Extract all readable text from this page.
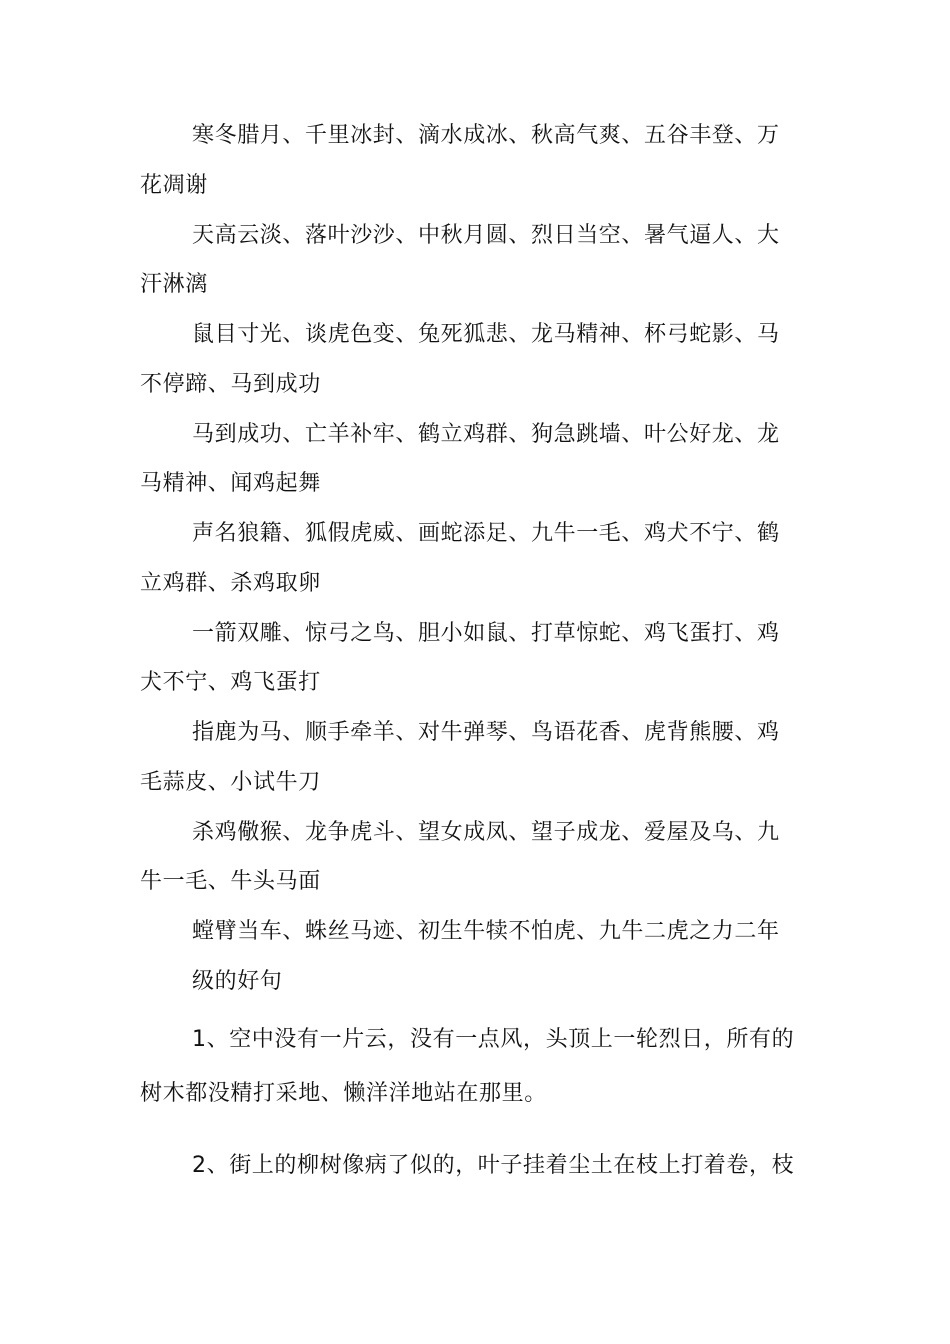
寒冬腊月、千里冰封、滴水成冰、秋高气爽、五谷丰登、万
花凋谢
天高云淡、落叶沙沙、中秋月圆、烈日当空、暑气逼人、大
汗淋漓
鼠目寸光、谈虎色变、兔死狐悲、龙马精神、杯弓蛇影、马
不停蹄、马到成功
马到成功、亡羊补牢、鹤立鸡群、狗急跳墙、叶公好龙、龙
马精神、闻鸡起舞
声名狼籍、狐假虎威、画蛇添足、九牛一毛、鸡犬不宁、鹤
立鸡群、杀鸡取卵
一箭双雕、惊弓之鸟、胆小如鼠、打草惊蛇、鸡飞蛋打、鸡
犬不宁、鸡飞蛋打
指鹿为马、顺手牵羊、对牛弹琴、鸟语花香、虎背熊腰、鸡
毛蒜皮、小试牛刀
杀鸡儆猴、龙争虎斗、望女成凤、望子成龙、爱屋及乌、九
牛一毛、牛头马面
螳臂当车、蛛丝马迹、初生牛犊不怕虎、九牛二虎之力二年
级的好句
1、空中没有一片云，没有一点风，头顶上一轮烈日，所有的
树木都没精打采地、懒洋洋地站在那里。
2、街上的柳树像病了似的，叶子挂着尘土在枝上打着卷，枝
